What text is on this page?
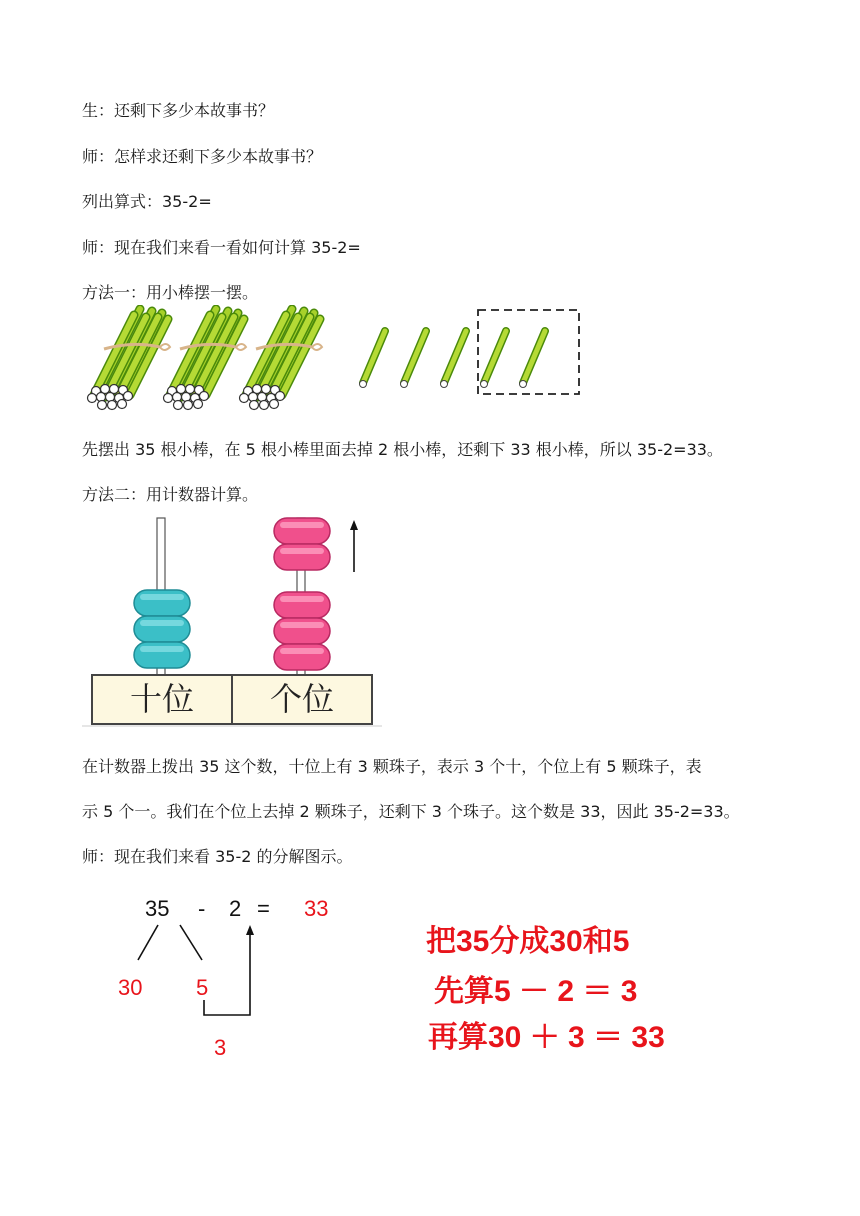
生：还剩下多少本故事书？
师：怎样求还剩下多少本故事书？
列出算式：35-2=
师：现在我们来看一看如何计算 35-2=
方法一：用小棒摆一摆。
先摆出 35 根小棒，在 5 根小棒里面去掉 2 根小棒，还剩下 33 根小棒，所以 35-2=33。
方法二：用计数器计算。
十位 个位
在计数器上拨出 35 这个数，十位上有 3 颗珠子，表示 3 个十，个位上有 5 颗珠子，表
示 5 个一。我们在个位上去掉 2 颗珠子，还剩下 3 个珠子。这个数是 33，因此 35-2=33。
师：现在我们来看 35-2 的分解图示。
35 - 2 = 33
30 5
3
把35分成30和5
先算5 － 2 ＝ 3
再算30 ＋ 3 ＝ 33
